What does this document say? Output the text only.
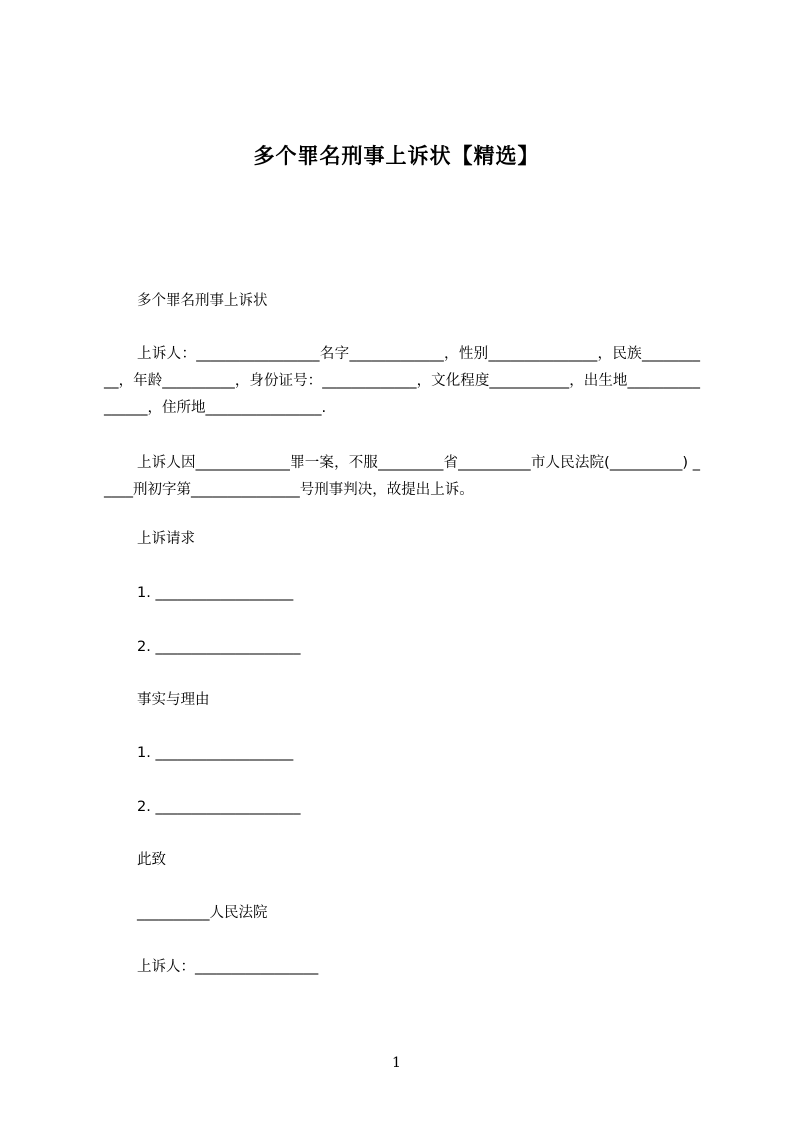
多个罪名刑事上诉状【精选】
多个罪名刑事上诉状
上诉人：_________________名字_____________，性别_______________，民族__________，年龄__________，身份证号：_____________，文化程度___________，出生地________________，住所地________________.
上诉人因_____________罪一案，不服_________省__________市人民法院(__________) _____刑初字第_______________号刑事判决，故提出上诉。
上诉请求
1. ___________________
2. ____________________
事实与理由
1. ___________________
2. ____________________
此致
__________人民法院
上诉人：_________________
1
